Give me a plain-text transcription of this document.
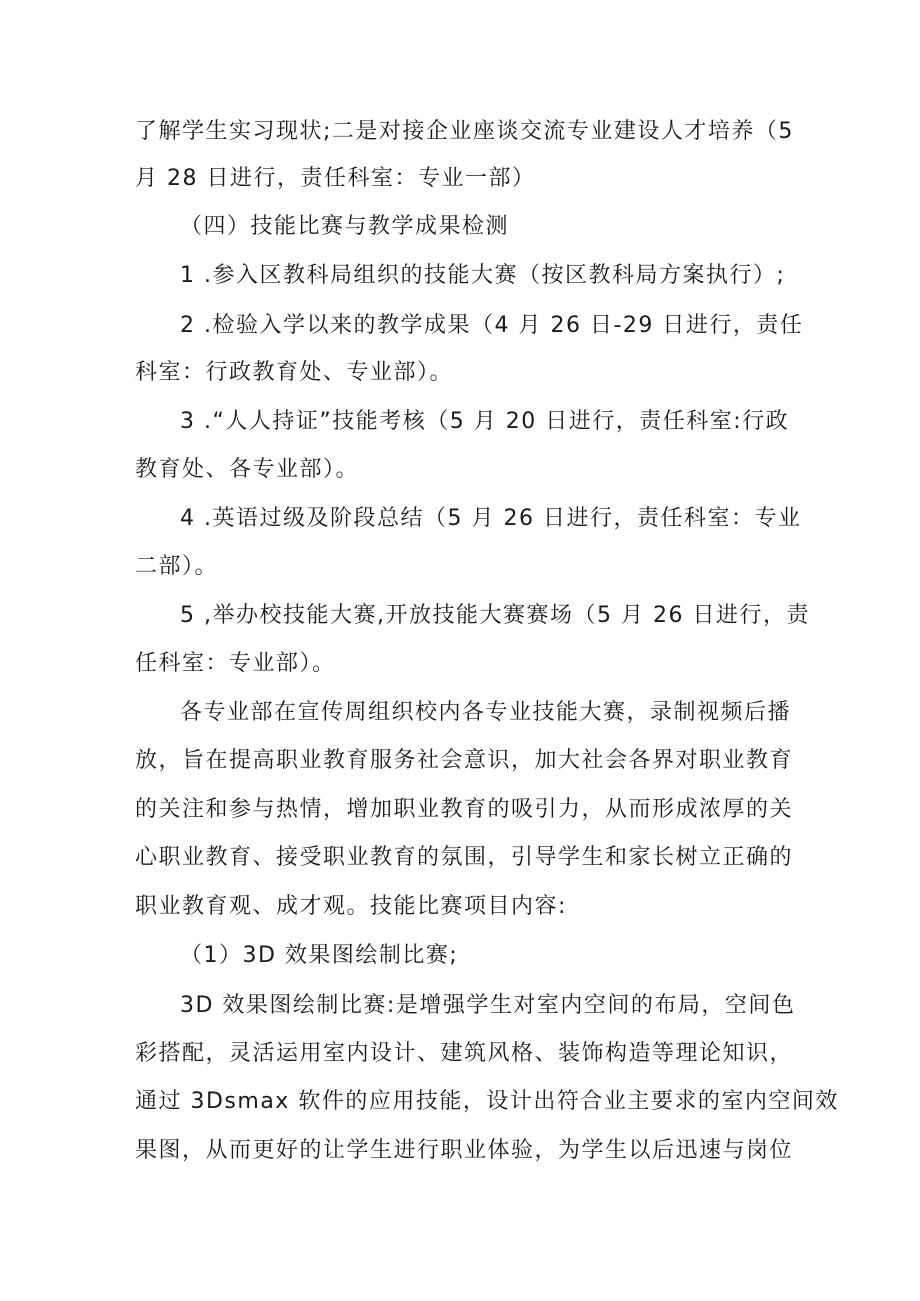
了解学生实习现状;二是对接企业座谈交流专业建设人才培养（5
月 28 日进行，责任科室：专业一部）
（四）技能比赛与教学成果检测
1 .参入区教科局组织的技能大赛（按区教科局方案执行）;
2 .检验入学以来的教学成果（4 月 26 日-29 日进行，责任
科室：行政教育处、专业部）。
3 .“人人持证”技能考核（5 月 20 日进行，责任科室:行政
教育处、各专业部）。
4 .英语过级及阶段总结（5 月 26 日进行，责任科室：专业
二部）。
5 ,举办校技能大赛,开放技能大赛赛场（5 月 26 日进行，责
任科室：专业部）。
各专业部在宣传周组织校内各专业技能大赛，录制视频后播
放，旨在提高职业教育服务社会意识，加大社会各界对职业教育
的关注和参与热情，增加职业教育的吸引力，从而形成浓厚的关
心职业教育、接受职业教育的氛围，引导学生和家长树立正确的
职业教育观、成才观。技能比赛项目内容:
（1）3D 效果图绘制比赛;
3D 效果图绘制比赛:是增强学生对室内空间的布局，空间色
彩搭配，灵活运用室内设计、建筑风格、装饰构造等理论知识，
通过 3Dsmax 软件的应用技能，设计出符合业主要求的室内空间效
果图，从而更好的让学生进行职业体验，为学生以后迅速与岗位
